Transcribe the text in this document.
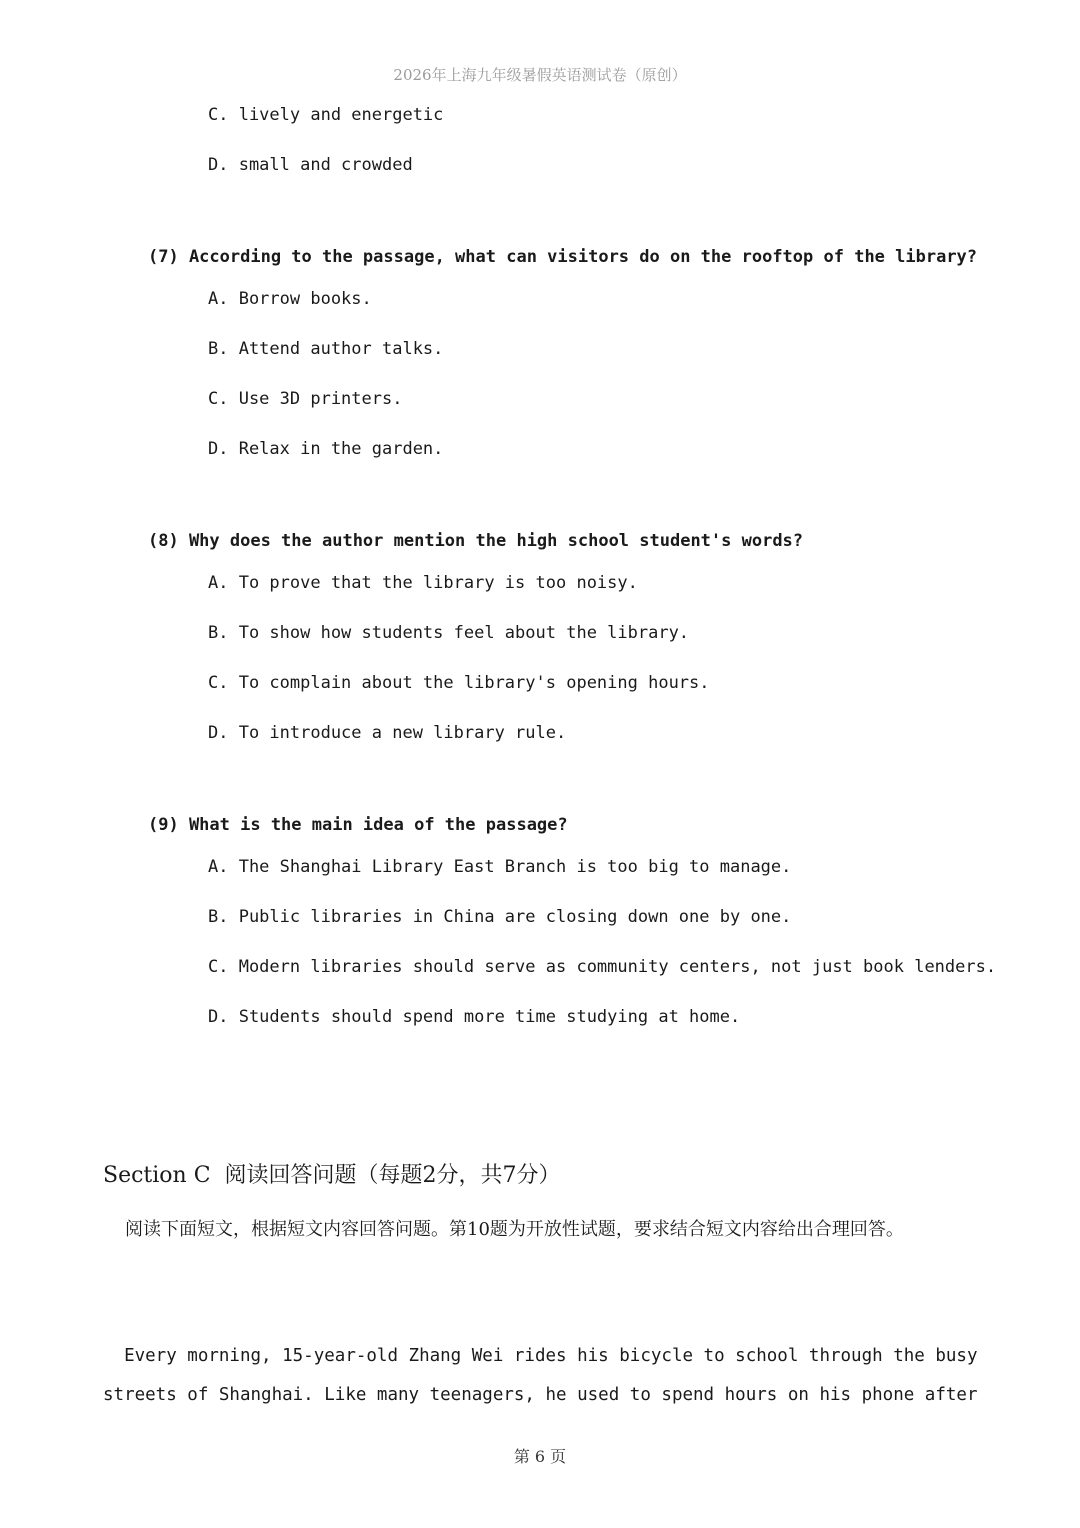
2026年上海九年级暑假英语测试卷（原创）
C. lively and energetic
D. small and crowded
(7) According to the passage, what can visitors do on the rooftop of the library?
A. Borrow books.
B. Attend author talks.
C. Use 3D printers.
D. Relax in the garden.
(8) Why does the author mention the high school student's words?
A. To prove that the library is too noisy.
B. To show how students feel about the library.
C. To complain about the library's opening hours.
D. To introduce a new library rule.
(9) What is the main idea of the passage?
A. The Shanghai Library East Branch is too big to manage.
B. Public libraries in China are closing down one by one.
C. Modern libraries should serve as community centers, not just book lenders.
D. Students should spend more time studying at home.
Section C  阅读回答问题（每题2分，共7分）
阅读下面短文，根据短文内容回答问题。第10题为开放性试题，要求结合短文内容给出合理回答。
Every morning, 15-year-old Zhang Wei rides his bicycle to school through the busy
streets of Shanghai. Like many teenagers, he used to spend hours on his phone after
第 6 页
